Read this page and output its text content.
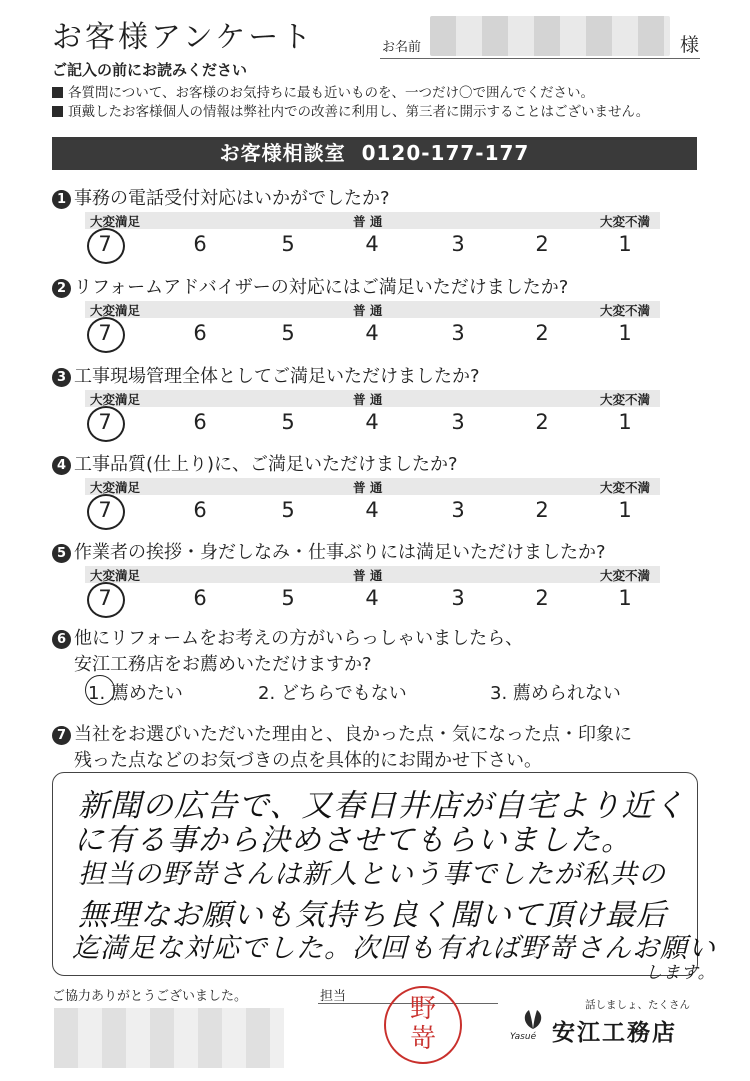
お客様アンケート	お名前	様
ご記入の前にお読みください
各質問について、お客様のお気持ちに最も近いものを、一つだけ〇で囲んでください。
頂戴したお客様個人の情報は弊社内での改善に利用し、第三者に開示することはございません。
お客様相談室 0120-177-177
1 事務の電話受付対応はいかがでしたか?
大変満足	普 通	大変不満
7	6	5	4	3	2	1
2 リフォームアドバイザーの対応にはご満足いただけましたか?
大変満足	普 通	大変不満
7	6	5	4	3	2	1
3 工事現場管理全体としてご満足いただけましたか?
大変満足	普 通	大変不満
7	6	5	4	3	2	1
4 工事品質(仕上り)に、ご満足いただけましたか?
大変満足	普 通	大変不満
7	6	5	4	3	2	1
5 作業者の挨拶・身だしなみ・仕事ぶりには満足いただけましたか?
大変満足	普 通	大変不満
7	6	5	4	3	2	1
6 他にリフォームをお考えの方がいらっしゃいましたら、
安江工務店をお薦めいただけますか?
1. 薦めたい	2. どちらでもない	3. 薦められない
7 当社をお選びいただいた理由と、良かった点・気になった点・印象に
残った点などのお気づきの点を具体的にお聞かせ下さい。
新聞の広告で、又春日井店が自宅より近く
に有る事から決めさせてもらいました。
担当の野嵜さんは新人という事でしたが私共の
無理なお願いも気持ち良く聞いて頂け最后
迄満足な対応でした。次回も有れば野嵜さんお願い
します。
ご協力ありがとうございました。	担当	野
嵜
話しましょ、たくさん
Yasué 安江工務店
